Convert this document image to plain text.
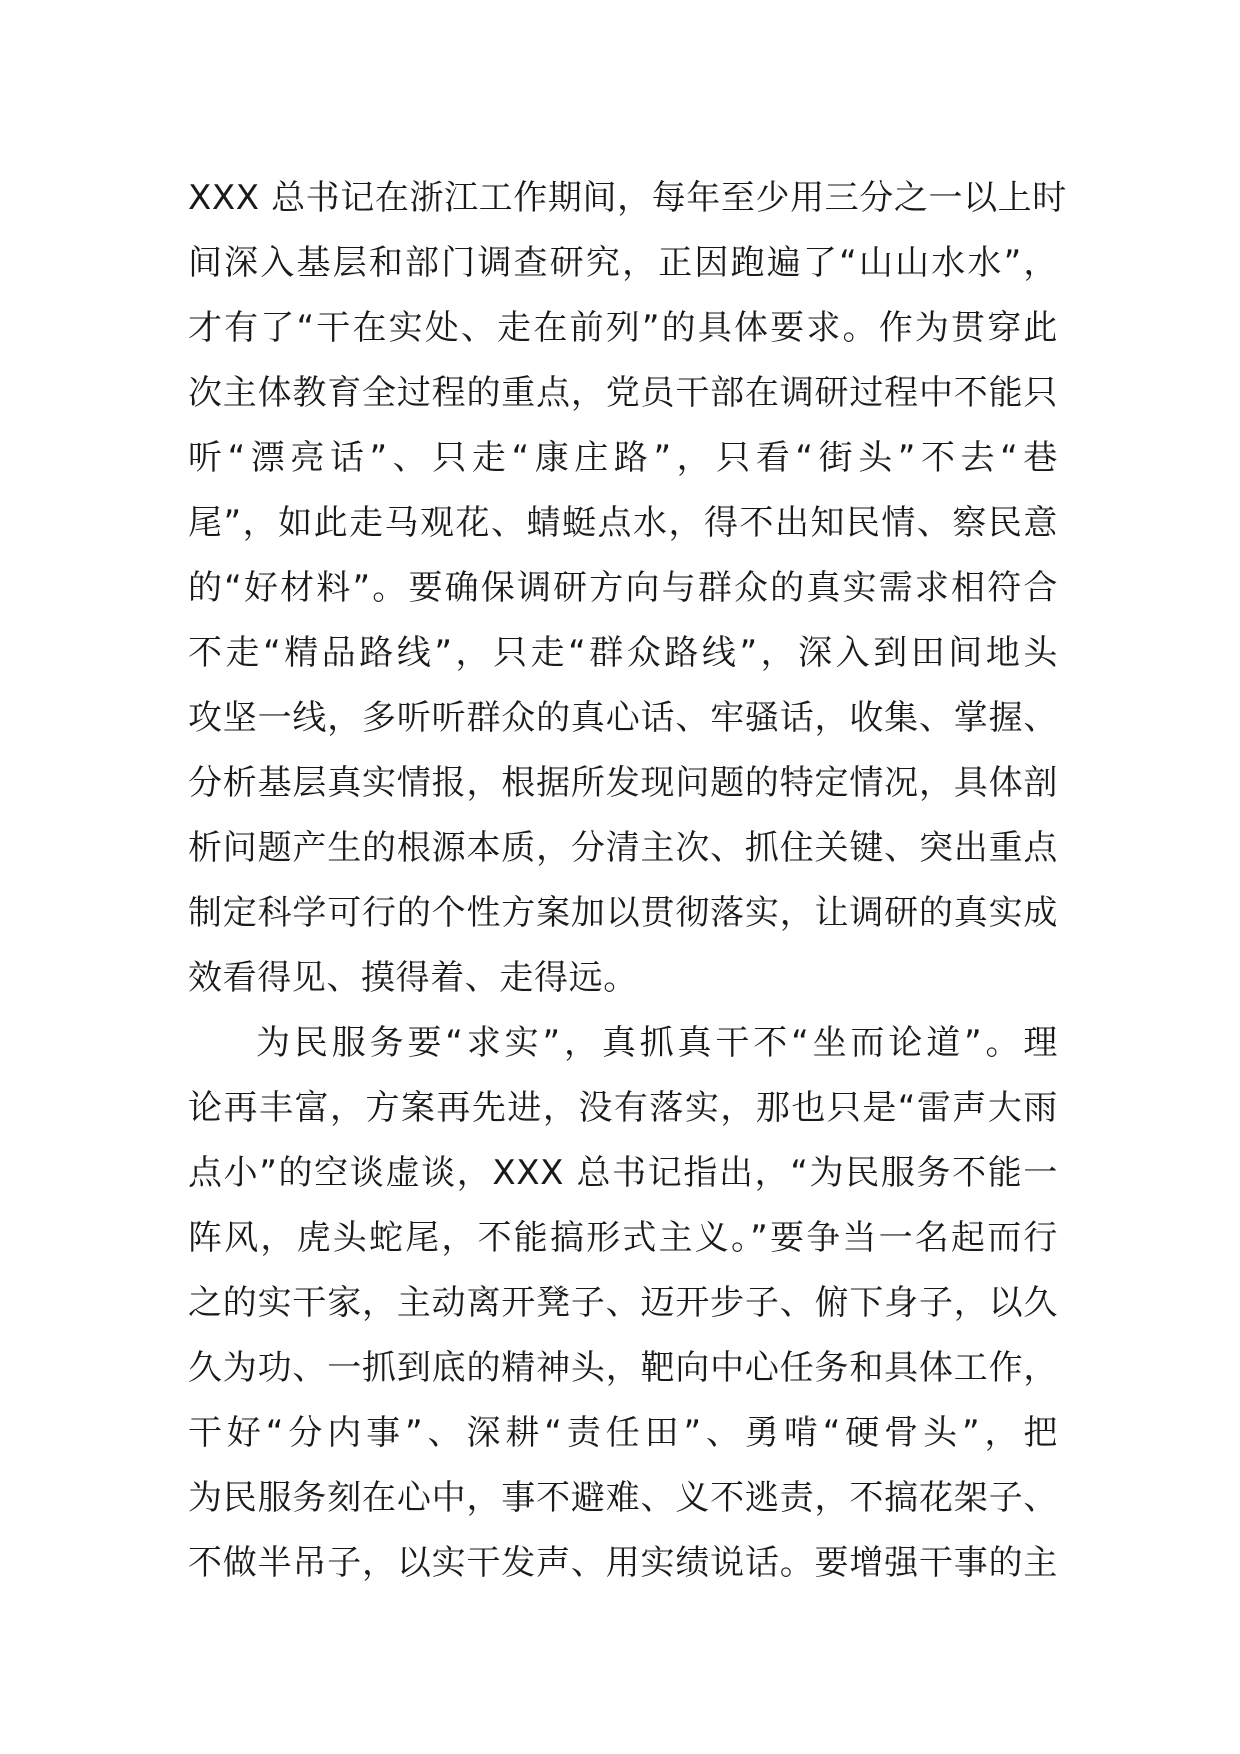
XXX 总书记在浙江工作期间，每年至少用三分之一以上时
间深入基层和部门调查研究，正因跑遍了“山山水水”，
才有了“干在实处、走在前列”的具体要求。作为贯穿此
次主体教育全过程的重点，党员干部在调研过程中不能只
听“漂亮话”、只走“康庄路”，只看“街头”不去“巷
尾”，如此走马观花、蜻蜓点水，得不出知民情、察民意
的“好材料”。要确保调研方向与群众的真实需求相符合
不走“精品路线”，只走“群众路线”，深入到田间地头
攻坚一线，多听听群众的真心话、牢骚话，收集、掌握、
分析基层真实情报，根据所发现问题的特定情况，具体剖
析问题产生的根源本质，分清主次、抓住关键、突出重点
制定科学可行的个性方案加以贯彻落实，让调研的真实成
效看得见、摸得着、走得远。
为民服务要“求实”，真抓真干不“坐而论道”。理
论再丰富，方案再先进，没有落实，那也只是“雷声大雨
点小”的空谈虚谈，XXX 总书记指出，“为民服务不能一
阵风，虎头蛇尾，不能搞形式主义。”要争当一名起而行
之的实干家，主动离开凳子、迈开步子、俯下身子，以久
久为功、一抓到底的精神头，靶向中心任务和具体工作，
干好“分内事”、深耕“责任田”、勇啃“硬骨头”，把
为民服务刻在心中，事不避难、义不逃责，不搞花架子、
不做半吊子，以实干发声、用实绩说话。要增强干事的主
